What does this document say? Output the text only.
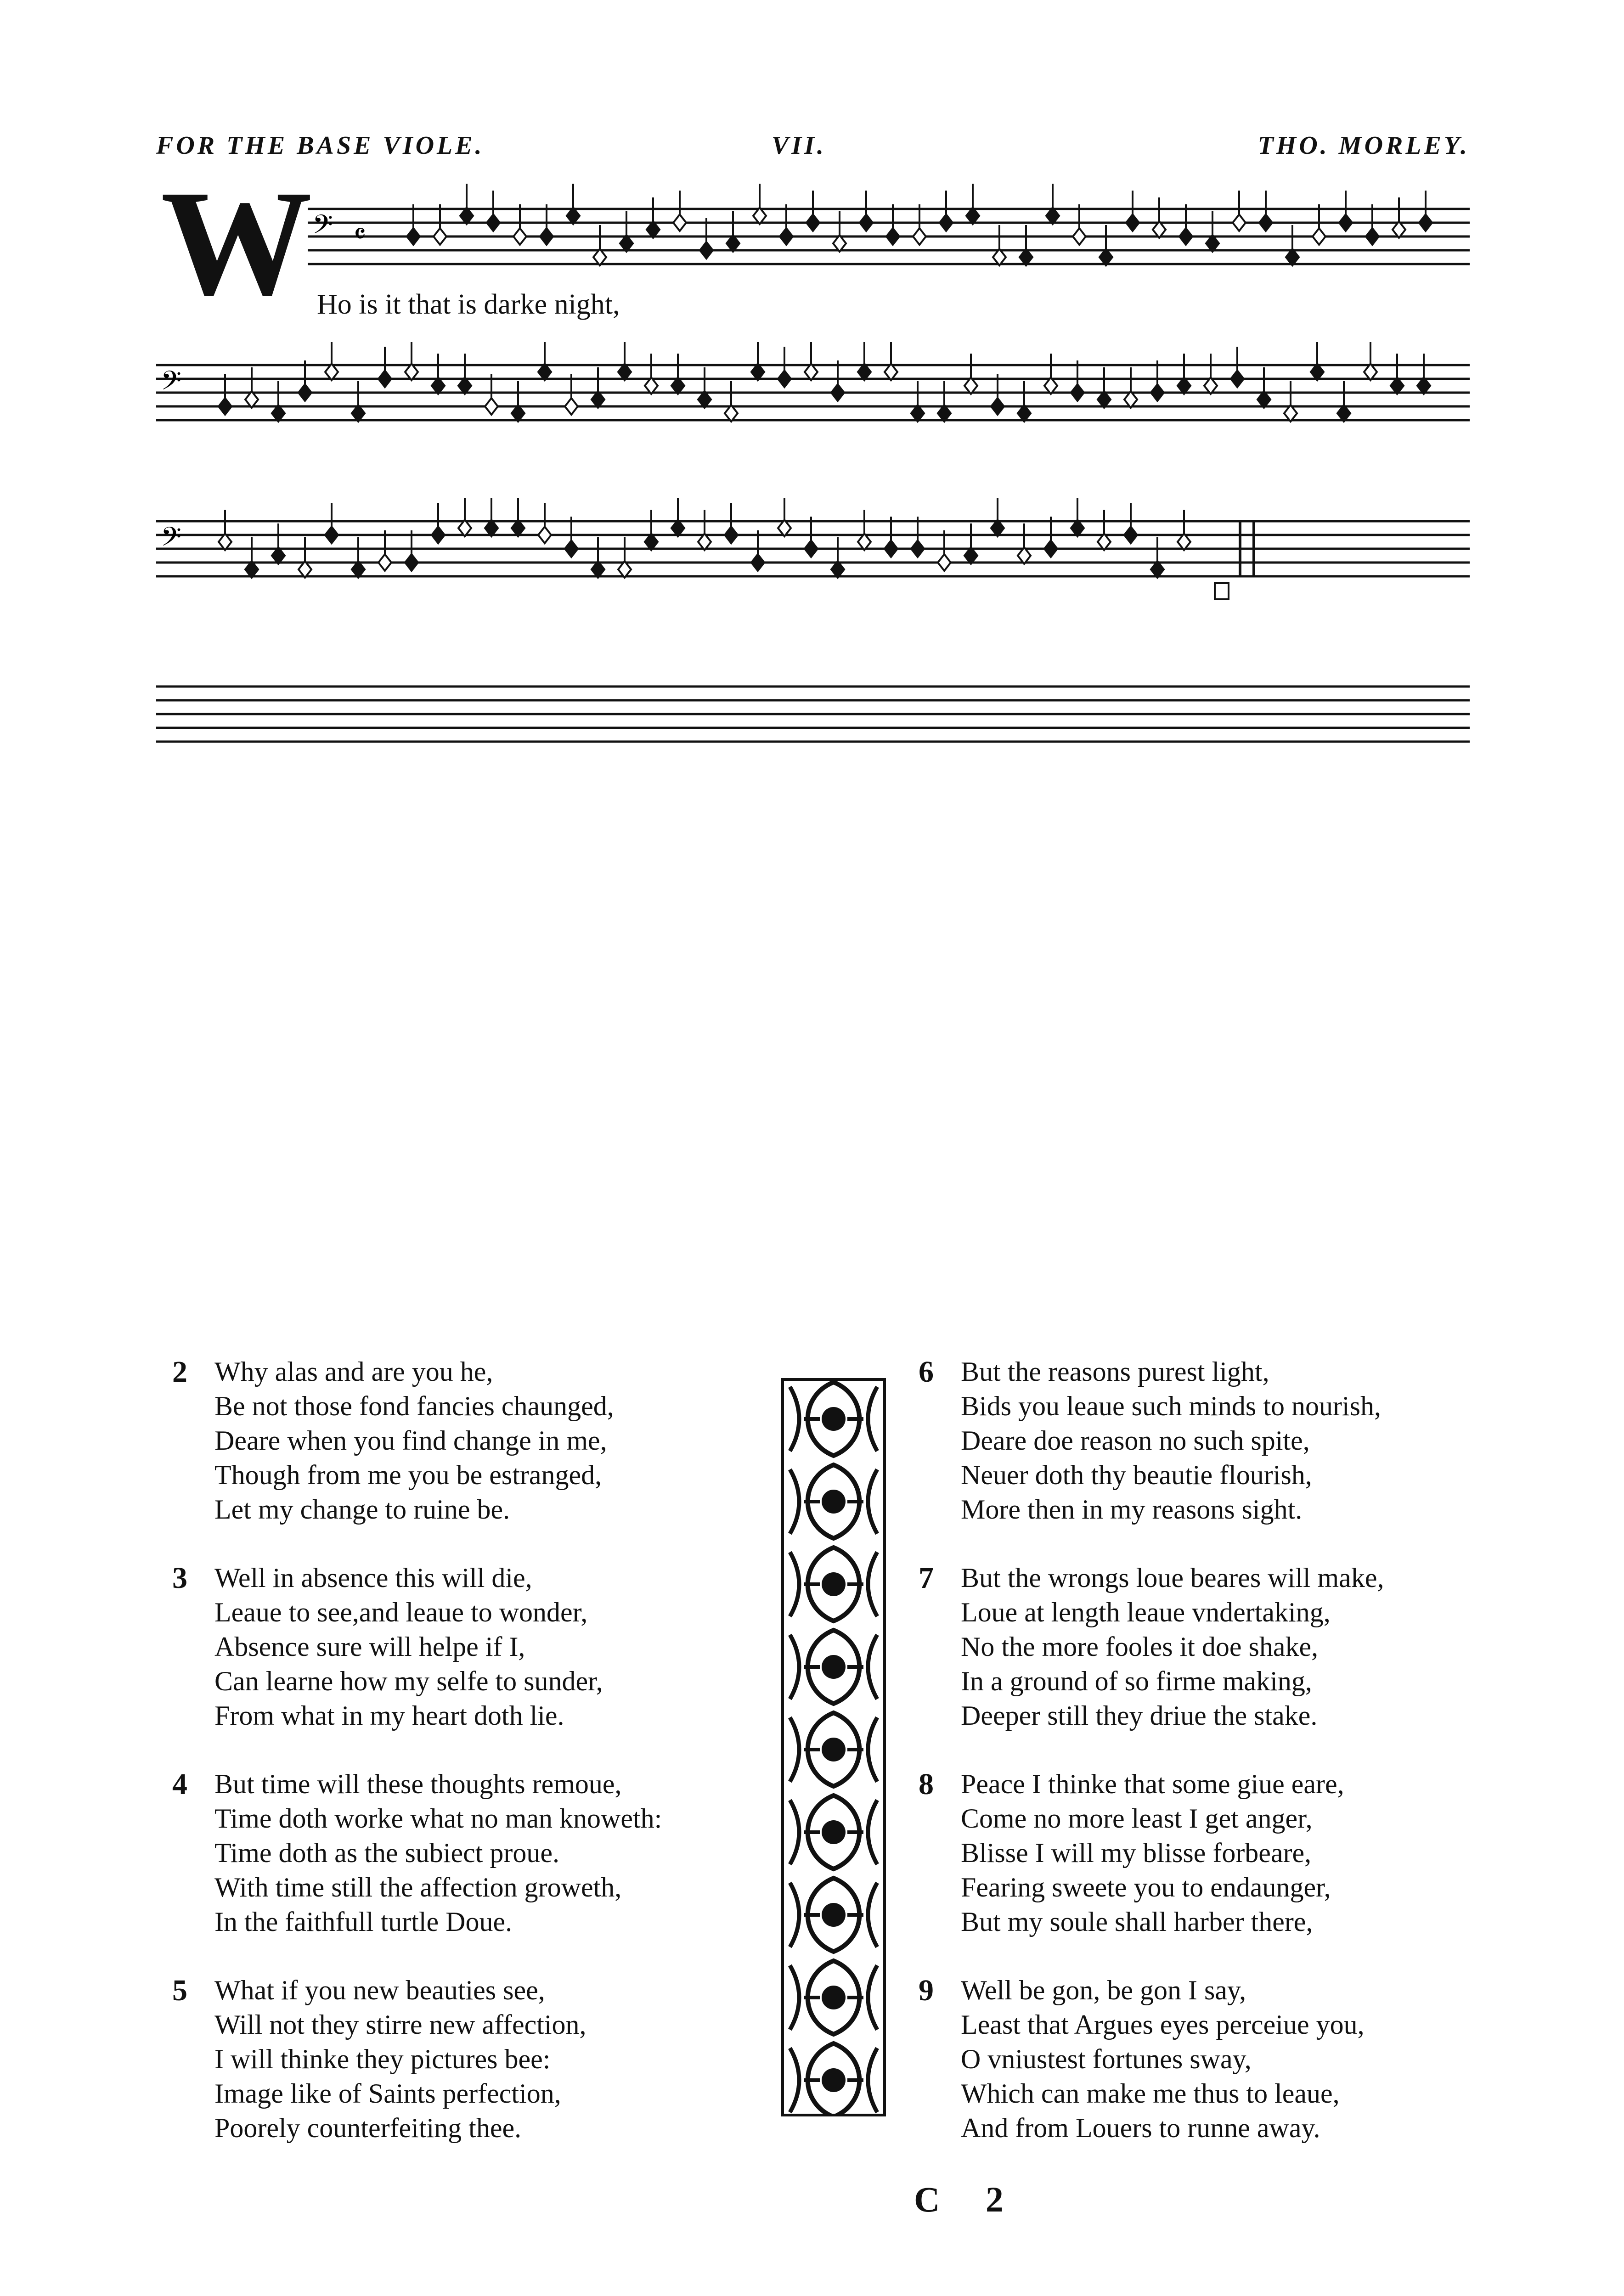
FOR THE BASE VIOLE.	VII.	THO. MORLEY.
W Ho is it that is darke night,
𝄢 𝄴
𝄢
𝄢
2 Why alas and are you he,
Be not those fond fancies chaunged,
Deare when you find change in me,
Though from me you be estranged,
Let my change to ruine be.
3 Well in absence this will die,
Leaue to see,and leaue to wonder,
Absence sure will helpe if I,
Can learne how my selfe to sunder,
From what in my heart doth lie.
4 But time will these thoughts remoue,
Time doth worke what no man knoweth:
Time doth as the subiect proue.
With time still the affection groweth,
In the faithfull turtle Doue.
5 What if you new beauties see,
Will not they stirre new affection,
I will thinke they pictures bee:
Image like of Saints perfection,
Poorely counterfeiting thee.
6 But the reasons purest light,
Bids you leaue such minds to nourish,
Deare doe reason no such spite,
Neuer doth thy beautie flourish,
More then in my reasons sight.
7 But the wrongs loue beares will make,
Loue at length leaue vndertaking,
No the more fooles it doe shake,
In a ground of so firme making,
Deeper still they driue the stake.
8 Peace I thinke that some giue eare,
Come no more least I get anger,
Blisse I will my blisse forbeare,
Fearing sweete you to endaunger,
But my soule shall harber there,
9 Well be gon, be gon I say,
Least that Argues eyes perceiue you,
O vniustest fortunes sway,
Which can make me thus to leaue,
And from Louers to runne away.
C 2
